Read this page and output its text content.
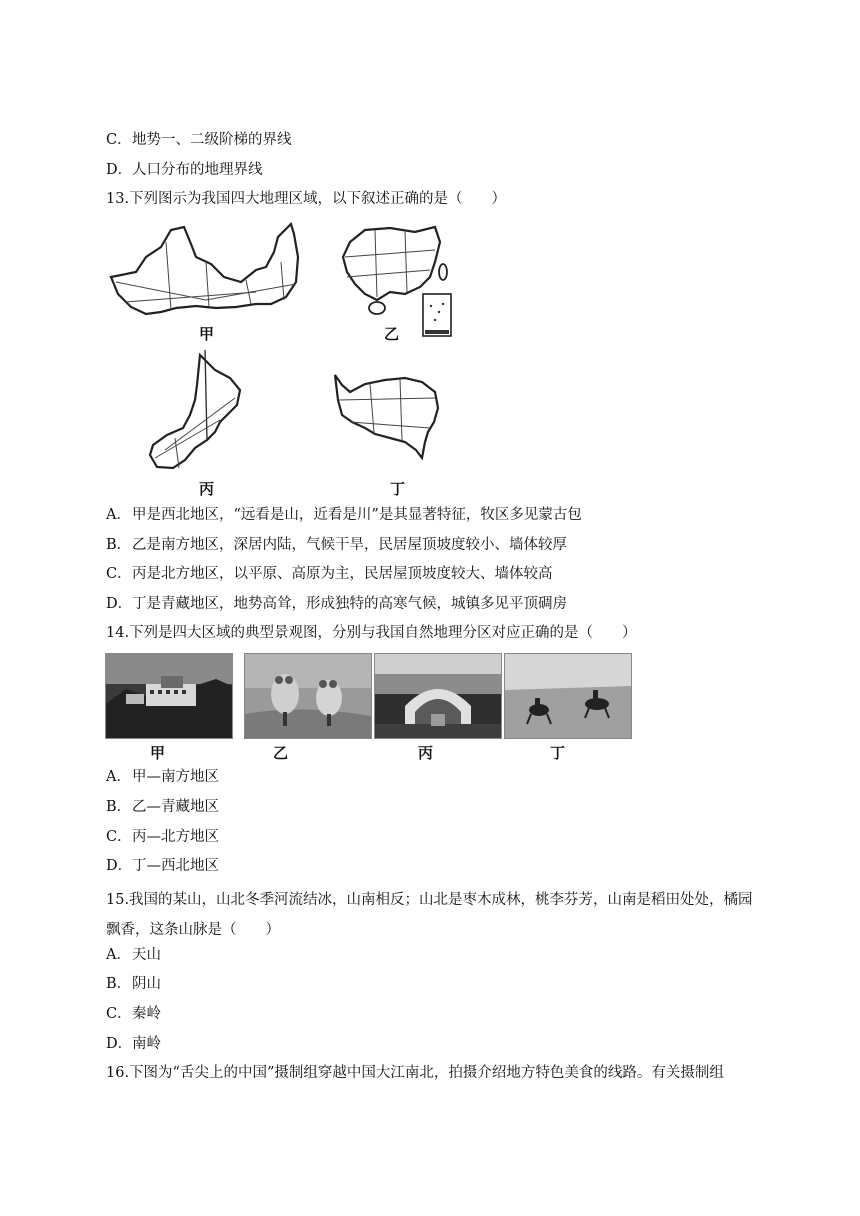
C．地势一、二级阶梯的界线
D．人口分布的地理界线
13.下列图示为我国四大地理区域，以下叙述正确的是（　　）
甲	乙
丙	丁
A．甲是西北地区，“远看是山，近看是川”是其显著特征，牧区多见蒙古包
B．乙是南方地区，深居内陆，气候干旱，民居屋顶坡度较小、墙体较厚
C．丙是北方地区，以平原、高原为主，民居屋顶坡度较大、墙体较高
D．丁是青藏地区，地势高耸，形成独特的高寒气候，城镇多见平顶碉房
14.下列是四大区域的典型景观图，分别与我国自然地理分区对应正确的是（　　）
甲	乙	丙	丁
A．甲—南方地区
B．乙—青藏地区
C．丙—北方地区
D．丁—西北地区
15.我国的某山，山北冬季河流结冰，山南相反；山北是枣木成林，桃李芬芳，山南是稻田处处，橘园飘香，这条山脉是（　　）
A．天山
B．阴山
C．秦岭
D．南岭
16.下图为“舌尖上的中国”摄制组穿越中国大江南北，拍摄介绍地方特色美食的线路。有关摄制组
